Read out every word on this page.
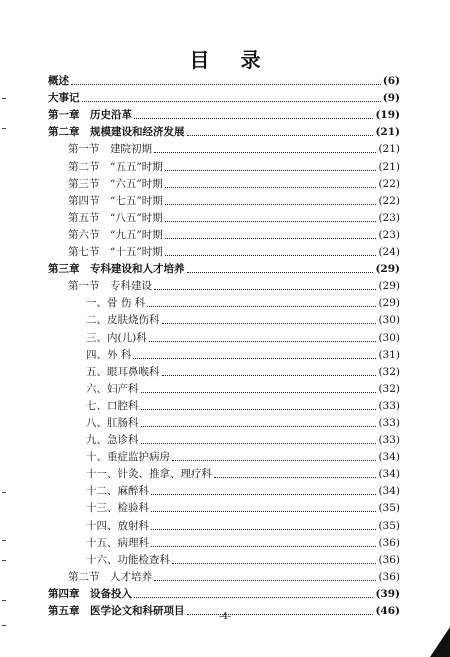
目 录
概述	(6)
大事记	(9)
第一章　历史沿革	(19)
第二章　规模建设和经济发展	(21)
第一节　建院初期	(21)
第二节　“五五”时期	(21)
第三节　“六五”时期	(22)
第四节　“七五”时期	(22)
第五节　“八五”时期	(23)
第六节　“九五”时期	(23)
第七节　“十五”时期	(24)
第三章　专科建设和人才培养	(29)
第一节　专科建设	(29)
一、骨 伤 科	(29)
二、皮肤烧伤科	(30)
三、内(儿)科	(30)
四、外 科	(31)
五、眼耳鼻喉科	(32)
六、妇产科	(32)
七、口腔科	(33)
八、肛肠科	(33)
九、急诊科	(33)
十、重症监护病房	(34)
十一、针灸、推拿、理疗科	(34)
十二、麻醉科	(34)
十三、检验科	(35)
十四、放射科	(35)
十五、病理科	(36)
十六、功能检查科	(36)
第二节　人才培养	(36)
第四章　设备投入	(39)
第五章　医学论文和科研项目	(46)
-4-
